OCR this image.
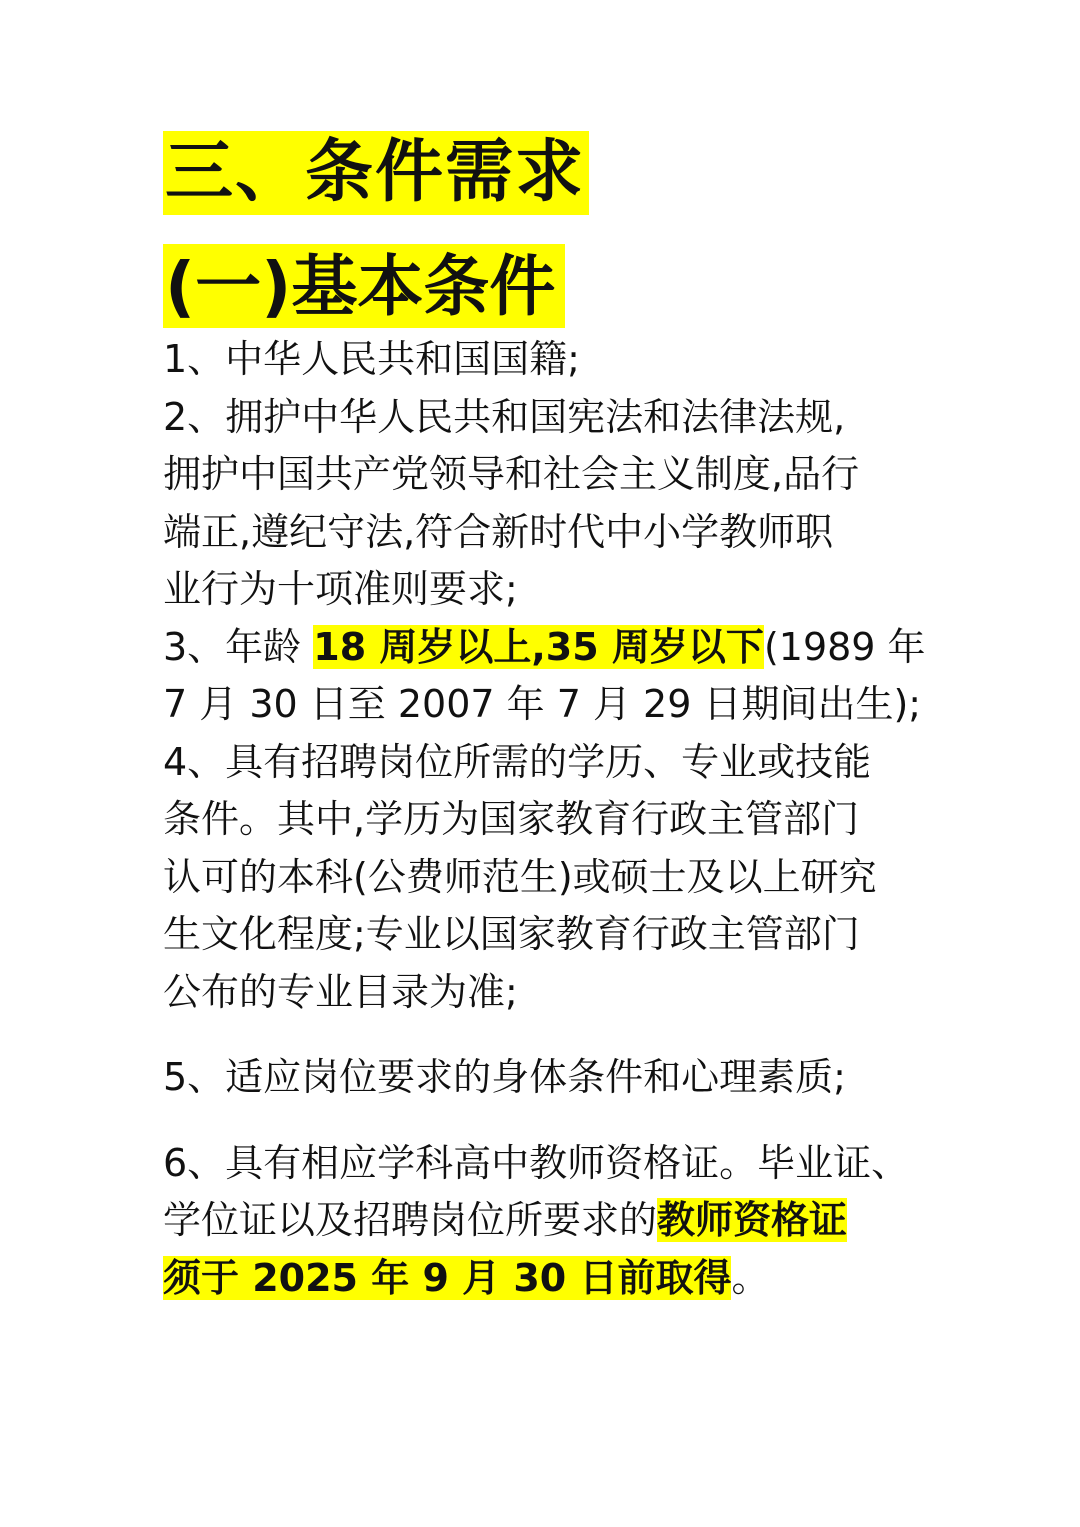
三、条件需求
(一)基本条件
1、中华人民共和国国籍;
2、拥护中华人民共和国宪法和法律法规,
拥护中国共产党领导和社会主义制度,品行
端正,遵纪守法,符合新时代中小学教师职
业行为十项准则要求;
3、年龄 18 周岁以上,35 周岁以下(1989 年
7 月 30 日至 2007 年 7 月 29 日期间出生);
4、具有招聘岗位所需的学历、专业或技能
条件。其中,学历为国家教育行政主管部门
认可的本科(公费师范生)或硕士及以上研究
生文化程度;专业以国家教育行政主管部门
公布的专业目录为准;
5、适应岗位要求的身体条件和心理素质;
6、具有相应学科高中教师资格证。毕业证、
学位证以及招聘岗位所要求的教师资格证
须于 2025 年 9 月 30 日前取得。
